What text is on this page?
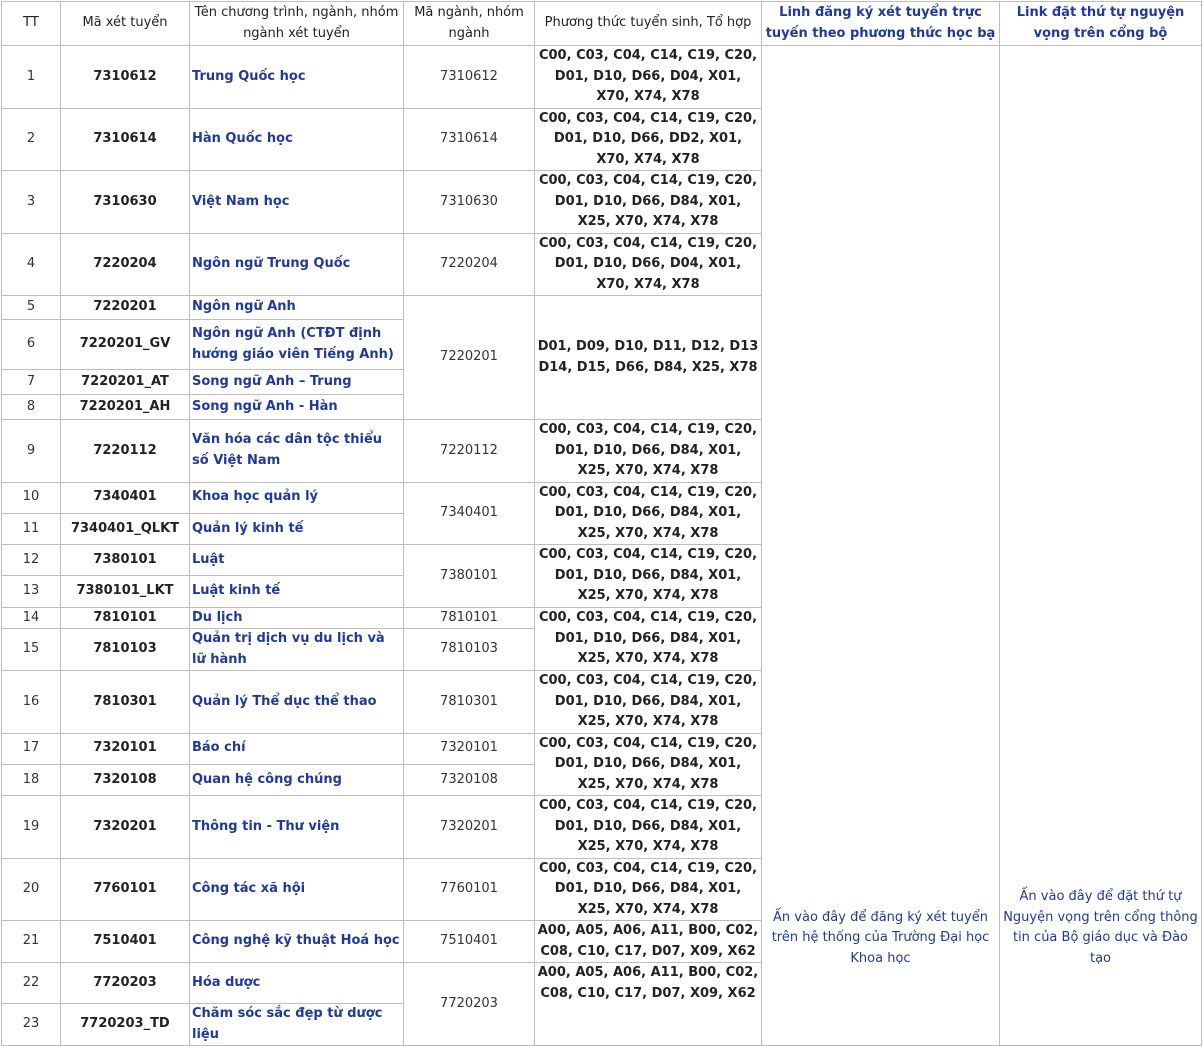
TT	Mã xét tuyển	Tên chương trình, ngành, nhóm ngành xét tuyển	Mã ngành, nhóm ngành	Phương thức tuyển sinh, Tổ hợp	Linh đăng ký xét tuyển trực tuyến theo phương thức học bạ	Link đặt thứ tự nguyện vọng trên cổng bộ
1	7310612	Trung Quốc học	7310612	C00, C03, C04, C14, C19, C20, D01, D10, D66, D04, X01, X70, X74, X78	Ấn vào đây để đăng ký xét tuyển trên hệ thống của Trường Đại học Khoa học	Ấn vào đây để đặt thứ tự Nguyện vọng trên cổng thông tin của Bộ giáo dục và Đào tạo

2	7310614	Hàn Quốc học	7310614	C00, C03, C04, C14, C19, C20, D01, D10, D66, DD2, X01, X70, X74, X78		
3	7310630	Việt Nam học	7310630	C00, C03, C04, C14, C19, C20, D01, D10, D66, D84, X01, X25, X70, X74, X78		
4	7220204	Ngôn ngữ Trung Quốc	7220204	C00, C03, C04, C14, C19, C20, D01, D10, D66, D04, X01, X70, X74, X78		
5	7220201	Ngôn ngữ Anh	7220201	D01, D09, D10, D11, D12, D13 D14, D15, D66, D84, X25, X78		
6	7220201_GV	Ngôn ngữ Anh (CTĐT định hướng giáo viên Tiếng Anh)				
7	7220201_AT	Song ngữ Anh – Trung				
8	7220201_AH	Song ngữ Anh - Hàn				
9	7220112	Văn hóa các dân tộc thiểu số Việt Nam	7220112	C00, C03, C04, C14, C19, C20, D01, D10, D66, D84, X01, X25, X70, X74, X78		
10	7340401	Khoa học quản lý	7340401	C00, C03, C04, C14, C19, C20, D01, D10, D66, D84, X01, X25, X70, X74, X78		
11	7340401_QLKT	Quản lý kinh tế				
12	7380101	Luật	7380101	C00, C03, C04, C14, C19, C20, D01, D10, D66, D84, X01, X25, X70, X74, X78		
13	7380101_LKT	Luật kinh tế				
14	7810101	Du lịch	7810101	C00, C03, C04, C14, C19, C20, D01, D10, D66, D84, X01, X25, X70, X74, X78		
15	7810103	Quản trị dịch vụ du lịch và lữ hành	7810103			
16	7810301	Quản lý Thể dục thể thao	7810301	C00, C03, C04, C14, C19, C20, D01, D10, D66, D84, X01, X25, X70, X74, X78		
17	7320101	Báo chí	7320101	C00, C03, C04, C14, C19, C20, D01, D10, D66, D84, X01, X25, X70, X74, X78		
18	7320108	Quan hệ công chúng	7320108			
19	7320201	Thông tin - Thư viện	7320201	C00, C03, C04, C14, C19, C20, D01, D10, D66, D84, X01, X25, X70, X74, X78		
20	7760101	Công tác xã hội	7760101	C00, C03, C04, C14, C19, C20, D01, D10, D66, D84, X01, X25, X70, X74, X78		
21	7510401	Công nghệ kỹ thuật Hoá học	7510401	A00, A05, A06, A11, B00, C02, C08, C10, C17, D07, X09, X62		
22	7720203	Hóa dược	7720203	A00, A05, A06, A11, B00, C02, C08, C10, C17, D07, X09, X62		
23	7720203_TD	Chăm sóc sắc đẹp từ dược liệu				
